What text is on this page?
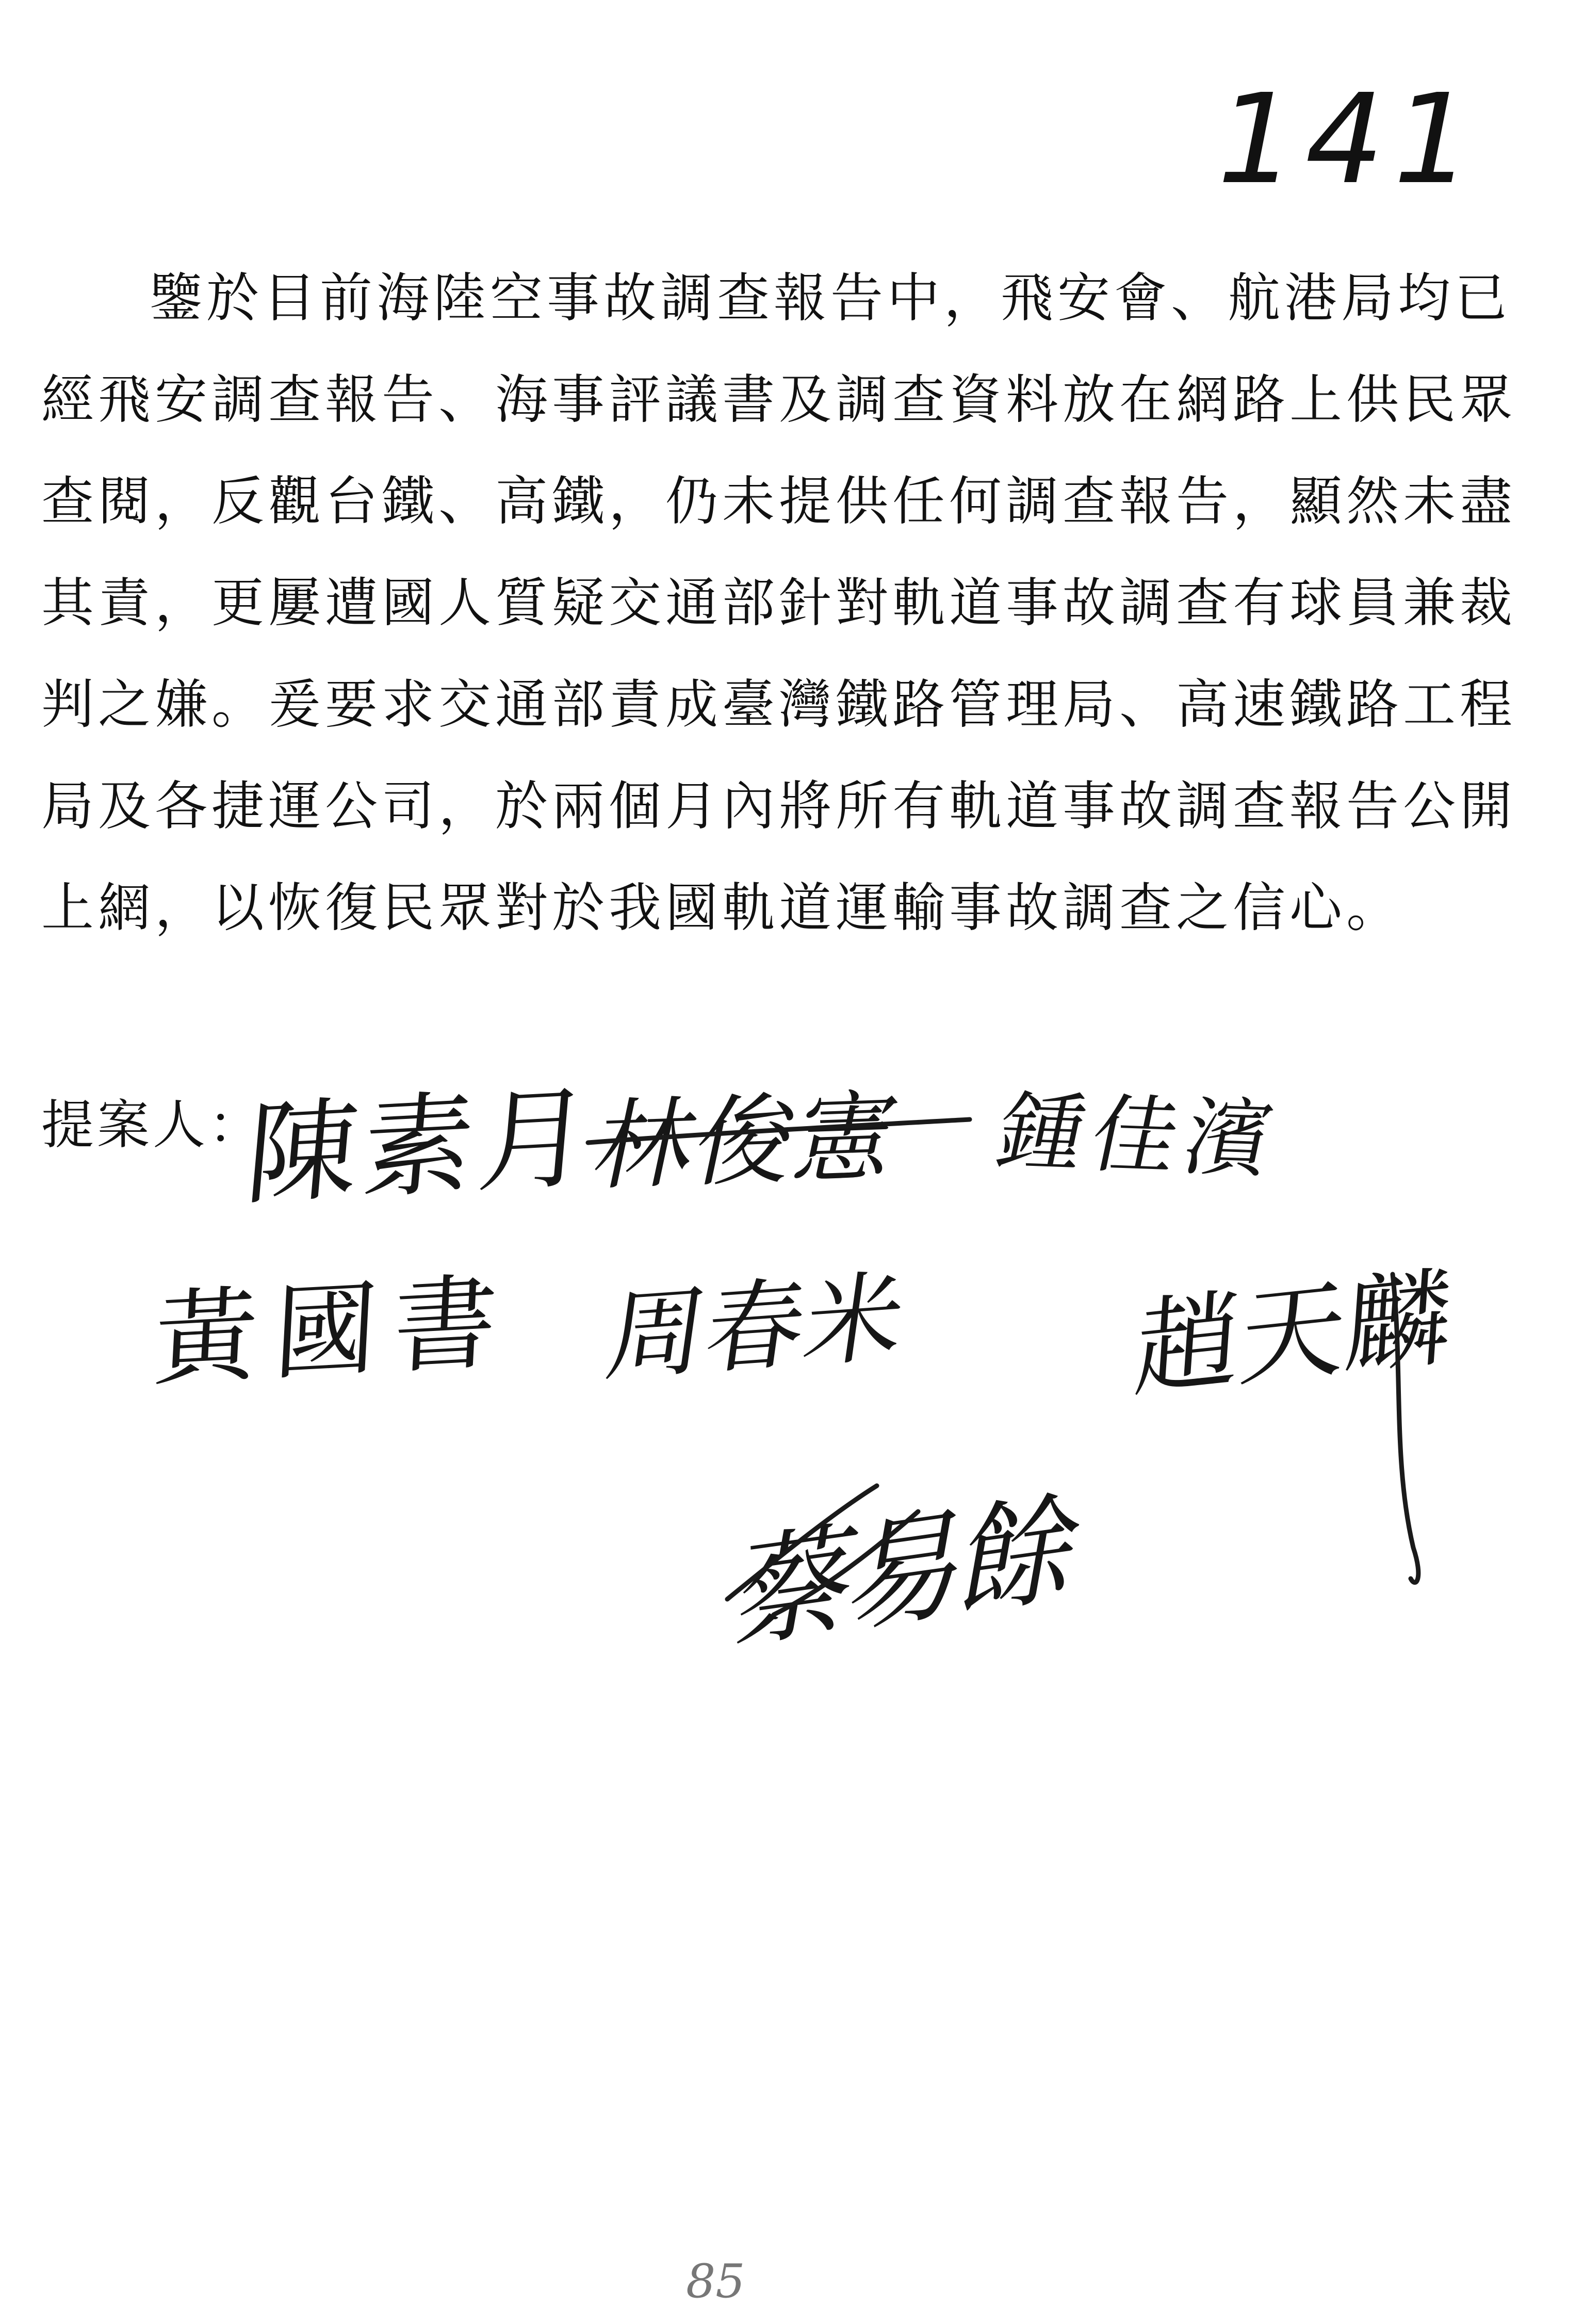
141
鑒於目前海陸空事故調查報告中，飛安會、航港局均已
經飛安調查報告、海事評議書及調查資料放在網路上供民眾
查閱，反觀台鐵、高鐵，仍未提供任何調查報告，顯然未盡
其責，更屢遭國人質疑交通部針對軌道事故調查有球員兼裁
判之嫌。爰要求交通部責成臺灣鐵路管理局、高速鐵路工程
局及各捷運公司，於兩個月內將所有軌道事故調查報告公開
上網，以恢復民眾對於我國軌道運輸事故調查之信心。
提案人：
陳素月
林俊憲 鍾佳濱
黃國書 周春米 趙天麟
蔡易餘
85
